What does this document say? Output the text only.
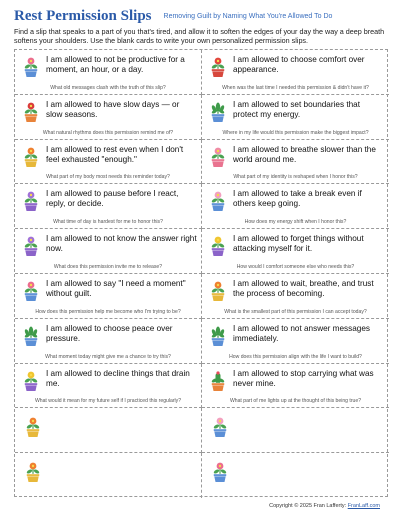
Rest Permission Slips Removing Guilt by Naming What You're Allowed To Do

Find a slip that speaks to a part of you that's tired, and allow it to soften the edges of your day the way a deep breath softens your shoulders. Use the blank cards to write your own personalized permission slips.

I am allowed to not be productive for a moment, an hour, or a day.
What old messages clash with the truth of this slip?
I am allowed to choose comfort over appearance.
When was the last time I needed this permission & didn't have it?
I am allowed to have slow days — or slow seasons.
What natural rhythms does this permission remind me of?
I am allowed to set boundaries that protect my energy.
Where in my life would this permission make the biggest impact?
I am allowed to rest even when I don't feel exhausted "enough."
What part of my body most needs this reminder today?
I am allowed to breathe slower than the world around me.
What part of my identity is reshaped when I honor this?
I am allowed to pause before I react, reply, or decide.
What time of day is hardest for me to honor this?
I am allowed to take a break even if others keep going.
How does my energy shift when I honor this?
I am allowed to not know the answer right now.
What does this permission invite me to release?
I am allowed to forget things without attacking myself for it.
How would I comfort someone else who needs this?
I am allowed to say "I need a moment" without guilt.
How does this permission help me become who I'm trying to be?
I am allowed to wait, breathe, and trust the process of becoming.
What is the smallest part of this permission I can accept today?
I am allowed to choose peace over pressure.
What moment today might give me a chance to try this?
I am allowed to not answer messages immediately.
How does this permission align with the life I want to build?
I am allowed to decline things that drain me.
What would it mean for my future self if I practiced this regularly?
I am allowed to stop carrying what was never mine.
What part of me lights up at the thought of this being true?
Copyright © 2025 Fran Lafferty: FranLaff.com
